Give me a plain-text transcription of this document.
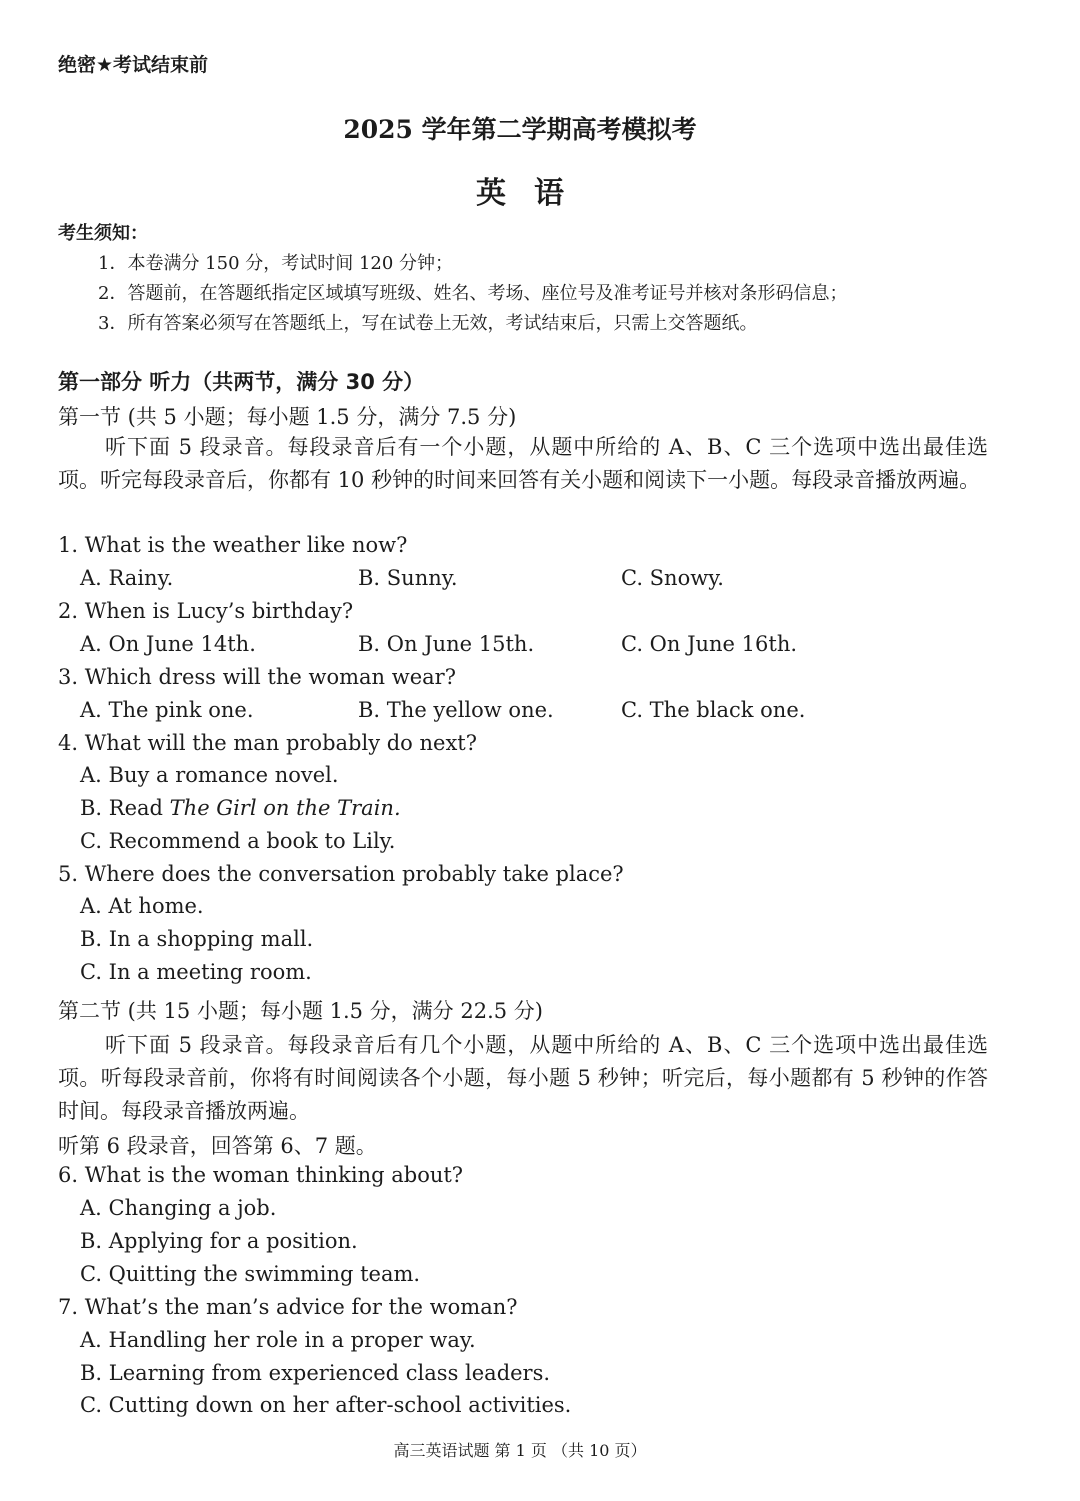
绝密★考试结束前
2025 学年第二学期高考模拟考
英语
考生须知：
1．本卷满分 150 分，考试时间 120 分钟；
2．答题前，在答题纸指定区域填写班级、姓名、考场、座位号及准考证号并核对条形码信息；
3．所有答案必须写在答题纸上，写在试卷上无效，考试结束后，只需上交答题纸。
第一部分 听力（共两节，满分 30 分）
第一节 (共 5 小题；每小题 1.5 分，满分 7.5 分)
听下面 5 段录音。每段录音后有一个小题，从题中所给的 A、B、C 三个选项中选出最佳选项。听完每段录音后，你都有 10 秒钟的时间来回答有关小题和阅读下一小题。每段录音播放两遍。
1. What is the weather like now?
A. Rainy.	B. Sunny.	C. Snowy.
2. When is Lucy’s birthday?
A. On June 14th.	B. On June 15th.	C. On June 16th.
3. Which dress will the woman wear?
A. The pink one.	B. The yellow one.	C. The black one.
4. What will the man probably do next?
A. Buy a romance novel.
B. Read The Girl on the Train.
C. Recommend a book to Lily.
5. Where does the conversation probably take place?
A. At home.
B. In a shopping mall.
C. In a meeting room.
第二节 (共 15 小题；每小题 1.5 分，满分 22.5 分)
听下面 5 段录音。每段录音后有几个小题，从题中所给的 A、B、C 三个选项中选出最佳选项。听每段录音前，你将有时间阅读各个小题，每小题 5 秒钟；听完后，每小题都有 5 秒钟的作答时间。每段录音播放两遍。
听第 6 段录音，回答第 6、7 题。
6. What is the woman thinking about?
A. Changing a job.
B. Applying for a position.
C. Quitting the swimming team.
7. What’s the man’s advice for the woman?
A. Handling her role in a proper way.
B. Learning from experienced class leaders.
C. Cutting down on her after-school activities.
高三英语试题 第 1 页 （共 10 页）
